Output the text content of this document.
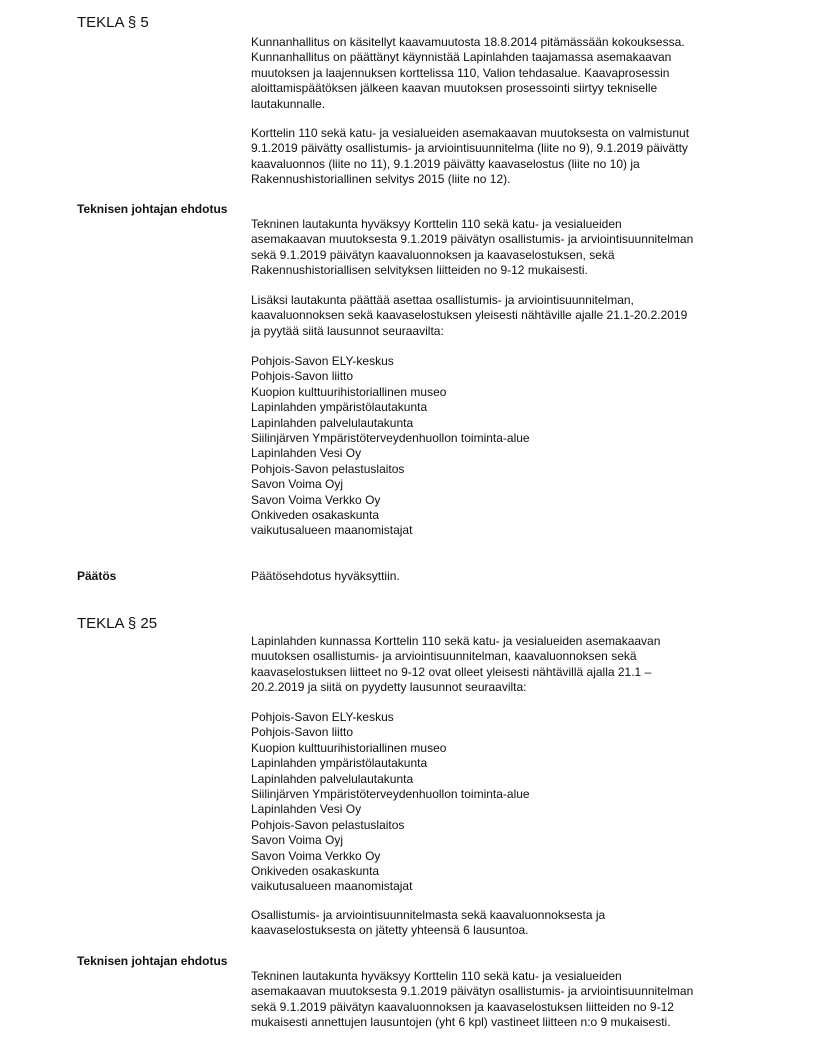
TEKLA § 5
Kunnanhallitus on käsitellyt kaavamuutosta 18.8.2014 pitämässään kokouksessa.
Kunnanhallitus on päättänyt käynnistää Lapinlahden taajamassa asemakaavan
muutoksen ja laajennuksen korttelissa 110, Valion tehdasalue. Kaavaprosessin
aloittamispäätöksen jälkeen kaavan muutoksen prosessointi siirtyy tekniselle
lautakunnalle.
Korttelin 110 sekä katu- ja vesialueiden asemakaavan muutoksesta on valmistunut
9.1.2019 päivätty osallistumis- ja arviointisuunnitelma (liite no 9), 9.1.2019 päivätty
kaavaluonnos (liite no 11), 9.1.2019 päivätty kaavaselostus (liite no 10) ja
Rakennushistoriallinen selvitys 2015 (liite no 12).
Teknisen johtajan ehdotus
Tekninen lautakunta hyväksyy Korttelin 110 sekä katu- ja vesialueiden
asemakaavan muutoksesta 9.1.2019 päivätyn osallistumis- ja arviointisuunnitelman
sekä 9.1.2019 päivätyn kaavaluonnoksen ja kaavaselostuksen, sekä
Rakennushistoriallisen selvityksen liitteiden no 9-12 mukaisesti.
Lisäksi lautakunta päättää asettaa osallistumis- ja arviointisuunnitelman,
kaavaluonnoksen sekä kaavaselostuksen yleisesti nähtäville ajalle 21.1-20.2.2019
ja pyytää siitä lausunnot seuraavilta:
Pohjois-Savon ELY-keskus
Pohjois-Savon liitto
Kuopion kulttuurihistoriallinen museo
Lapinlahden ympäristölautakunta
Lapinlahden palvelulautakunta
Siilinjärven Ympäristöterveydenhuollon toiminta-alue
Lapinlahden Vesi Oy
Pohjois-Savon pelastuslaitos
Savon Voima Oyj
Savon Voima Verkko Oy
Onkiveden osakaskunta
vaikutusalueen maanomistajat
Päätös	Päätösehdotus hyväksyttiin.
TEKLA § 25
Lapinlahden kunnassa Korttelin 110 sekä katu- ja vesialueiden asemakaavan
muutoksen osallistumis- ja arviointisuunnitelman, kaavaluonnoksen sekä
kaavaselostuksen liitteet no 9-12 ovat olleet yleisesti nähtävillä ajalla 21.1 –
20.2.2019 ja siitä on pyydetty lausunnot seuraavilta:
Pohjois-Savon ELY-keskus
Pohjois-Savon liitto
Kuopion kulttuurihistoriallinen museo
Lapinlahden ympäristölautakunta
Lapinlahden palvelulautakunta
Siilinjärven Ympäristöterveydenhuollon toiminta-alue
Lapinlahden Vesi Oy
Pohjois-Savon pelastuslaitos
Savon Voima Oyj
Savon Voima Verkko Oy
Onkiveden osakaskunta
vaikutusalueen maanomistajat
Osallistumis- ja arviointisuunnitelmasta sekä kaavaluonnoksesta ja
kaavaselostuksesta on jätetty yhteensä 6 lausuntoa.
Teknisen johtajan ehdotus
Tekninen lautakunta hyväksyy Korttelin 110 sekä katu- ja vesialueiden
asemakaavan muutoksesta 9.1.2019 päivätyn osallistumis- ja arviointisuunnitelman
sekä 9.1.2019 päivätyn kaavaluonnoksen ja kaavaselostuksen liitteiden no 9-12
mukaisesti annettujen lausuntojen (yht 6 kpl) vastineet liitteen n:o 9 mukaisesti.
